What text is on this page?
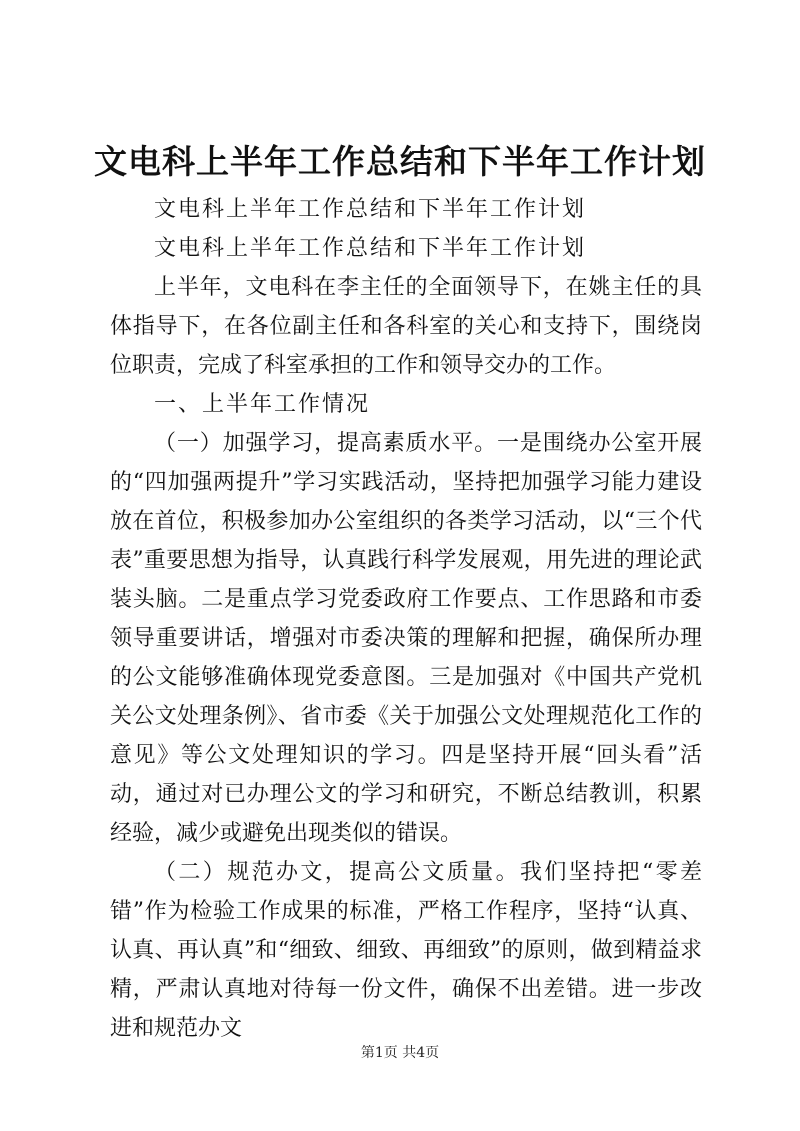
文电科上半年工作总结和下半年工作计划

文电科上半年工作总结和下半年工作计划

文电科上半年工作总结和下半年工作计划

上半年，文电科在李主任的全面领导下，在姚主任的具体指导下，在各位副主任和各科室的关心和支持下，围绕岗位职责，完成了科室承担的工作和领导交办的工作。

一、上半年工作情况

（一）加强学习，提高素质水平。一是围绕办公室开展的“四加强两提升”学习实践活动，坚持把加强学习能力建设放在首位，积极参加办公室组织的各类学习活动，以“三个代表”重要思想为指导，认真践行科学发展观，用先进的理论武装头脑。二是重点学习党委政府工作要点、工作思路和市委领导重要讲话，增强对市委决策的理解和把握，确保所办理的公文能够准确体现党委意图。三是加强对《中国共产党机关公文处理条例》、省市委《关于加强公文处理规范化工作的意见》等公文处理知识的学习。四是坚持开展“回头看”活动，通过对已办理公文的学习和研究，不断总结教训，积累经验，减少或避免出现类似的错误。

（二）规范办文，提高公文质量。我们坚持把“零差错”作为检验工作成果的标准，严格工作程序，坚持“认真、认真、再认真”和“细致、细致、再细致”的原则，做到精益求精，严肃认真地对待每一份文件，确保不出差错。进一步改进和规范办文

第1页 共4页
